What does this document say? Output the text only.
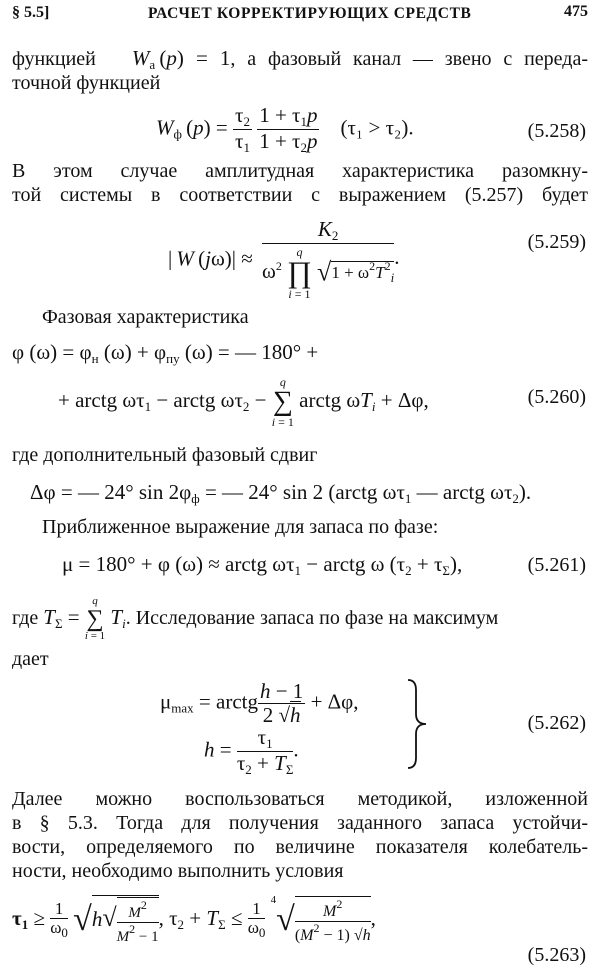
§ 5.5]	РАСЧЕТ КОРРЕКТИРУЮЩИХ СРЕДСТВ	475
функцией $W_a$ (p) = 1, а фазовый канал — звено с переда-
точной функцией
$W_ф$ $(p) = \frac{\tau_2}{\tau_1}$
$\frac{1 + \tau_1p}{1 + \tau_2p} (\tau_1 > \tau_2)$.	(5.258)
В этом случае амплитудная характеристика разомкну-
той системы в соответствии с выражением (5.257) будет
| W (jω)| ≈
$K_2$
$\omega^2$
q
∏
i = 1
$√1 + \omega^2T^2_i$
.
(5.259)
Фазовая характеристика
φ $(\omega) = \varphi_н$ $(\omega) + \varphi_{пу}$ (ω) = — 180° +
+ arctg $\omega\tau_1$ − arctg $\omega\tau_2$ −
q
∑
i = 1
arctg $\omega T_i + \Delta\varphi$,	(5.260)
где дополнительный фазовый сдвиг
Δφ = — 24° $\sin 2\varphi_ф$ = — 24° sin 2 (arctg $\omega\tau_1$ — arctg $\omega\tau_2$).
Приближенное выражение для запаса по фазе:
μ = 180° + φ (ω) ≈ arctg $\omega\tau_1$ − arctg ω $(\tau_2 + \tau_\Sigma)$,	(5.261)
где $T_\Sigma$ =
q
∑
i = 1
$T_i$. Исследование запаса по фазе на максимум
дает
$\mu_{max}$ = arctg $\frac{h - 1}{2 √h} + \Delta\varphi$,
$h = \frac{\tau_1}{\tau_2 + T_\Sigma}$ .
(5.262)
Далее можно воспользоваться методикой, изложенной
в § 5.3. Тогда для получения заданного запаса устойчи-
вости, определяемого по величине показателя колебатель-
ности, необходимо выполнить условия
$\tau_1 \ge \frac{1}{\omega_0} √h√ \frac{M^2}{M^2 - 1}$ , $\tau_2 + T_\Sigma \le \frac{1}{\omega_0} ^4√ \frac{M^2}{(M^2 - 1) √h}$ ,
(5.263)
